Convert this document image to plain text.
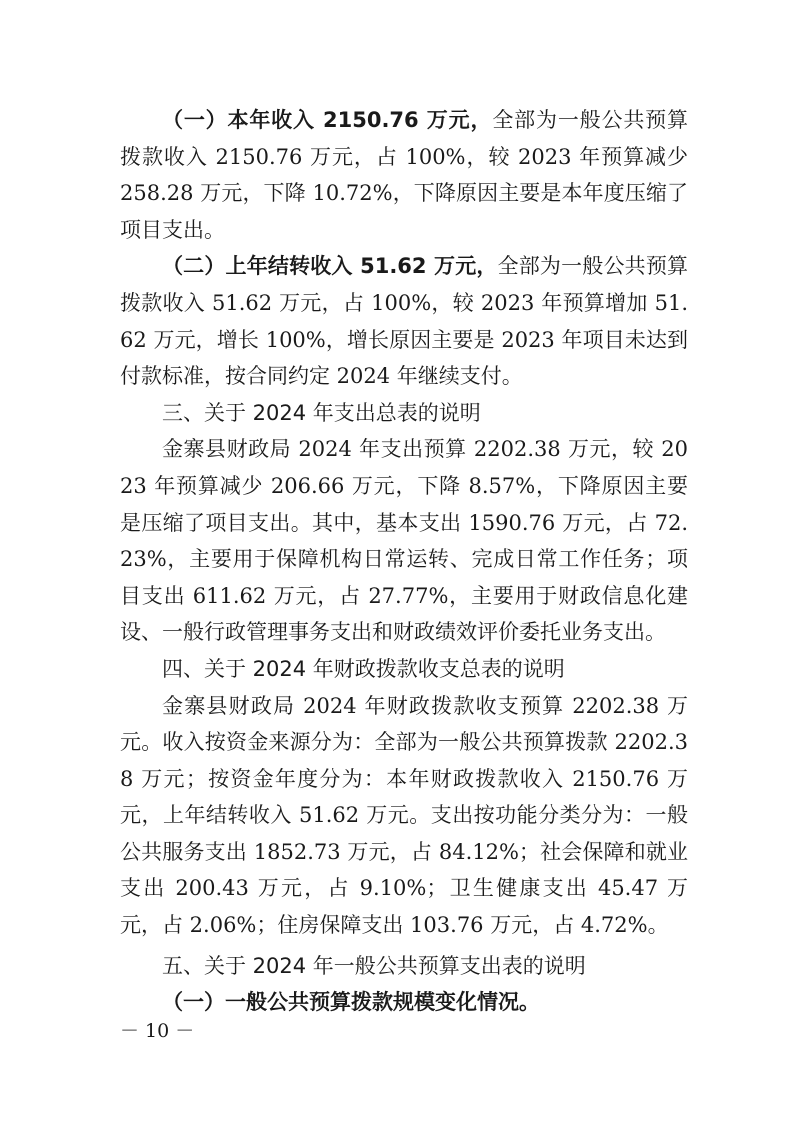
（一）本年收入 2150.76 万元，全部为一般公共预算拨款收入 2150.76 万元，占 100%，较 2023 年预算减少 258.28 万元，下降 10.72%，下降原因主要是本年度压缩了项目支出。

（二）上年结转收入 51.62 万元，全部为一般公共预算拨款收入 51.62 万元，占 100%，较 2023 年预算增加 51.62 万元，增长 100%，增长原因主要是 2023 年项目未达到付款标准，按合同约定 2024 年继续支付。

三、关于 2024 年支出总表的说明

金寨县财政局 2024 年支出预算 2202.38 万元，较 2023 年预算减少 206.66 万元，下降 8.57%，下降原因主要是压缩了项目支出。其中，基本支出 1590.76 万元，占 72.23%，主要用于保障机构日常运转、完成日常工作任务；项目支出 611.62 万元，占 27.77%，主要用于财政信息化建设、一般行政管理事务支出和财政绩效评价委托业务支出。

四、关于 2024 年财政拨款收支总表的说明

金寨县财政局 2024 年财政拨款收支预算 2202.38 万元。收入按资金来源分为：全部为一般公共预算拨款 2202.38 万元；按资金年度分为：本年财政拨款收入 2150.76 万元，上年结转收入 51.62 万元。支出按功能分类分为：一般公共服务支出 1852.73 万元，占 84.12%；社会保障和就业支出 200.43 万元，占 9.10%；卫生健康支出 45.47 万元，占 2.06%；住房保障支出 103.76 万元，占 4.72%。

五、关于 2024 年一般公共预算支出表的说明

（一）一般公共预算拨款规模变化情况。

－ 10 －
